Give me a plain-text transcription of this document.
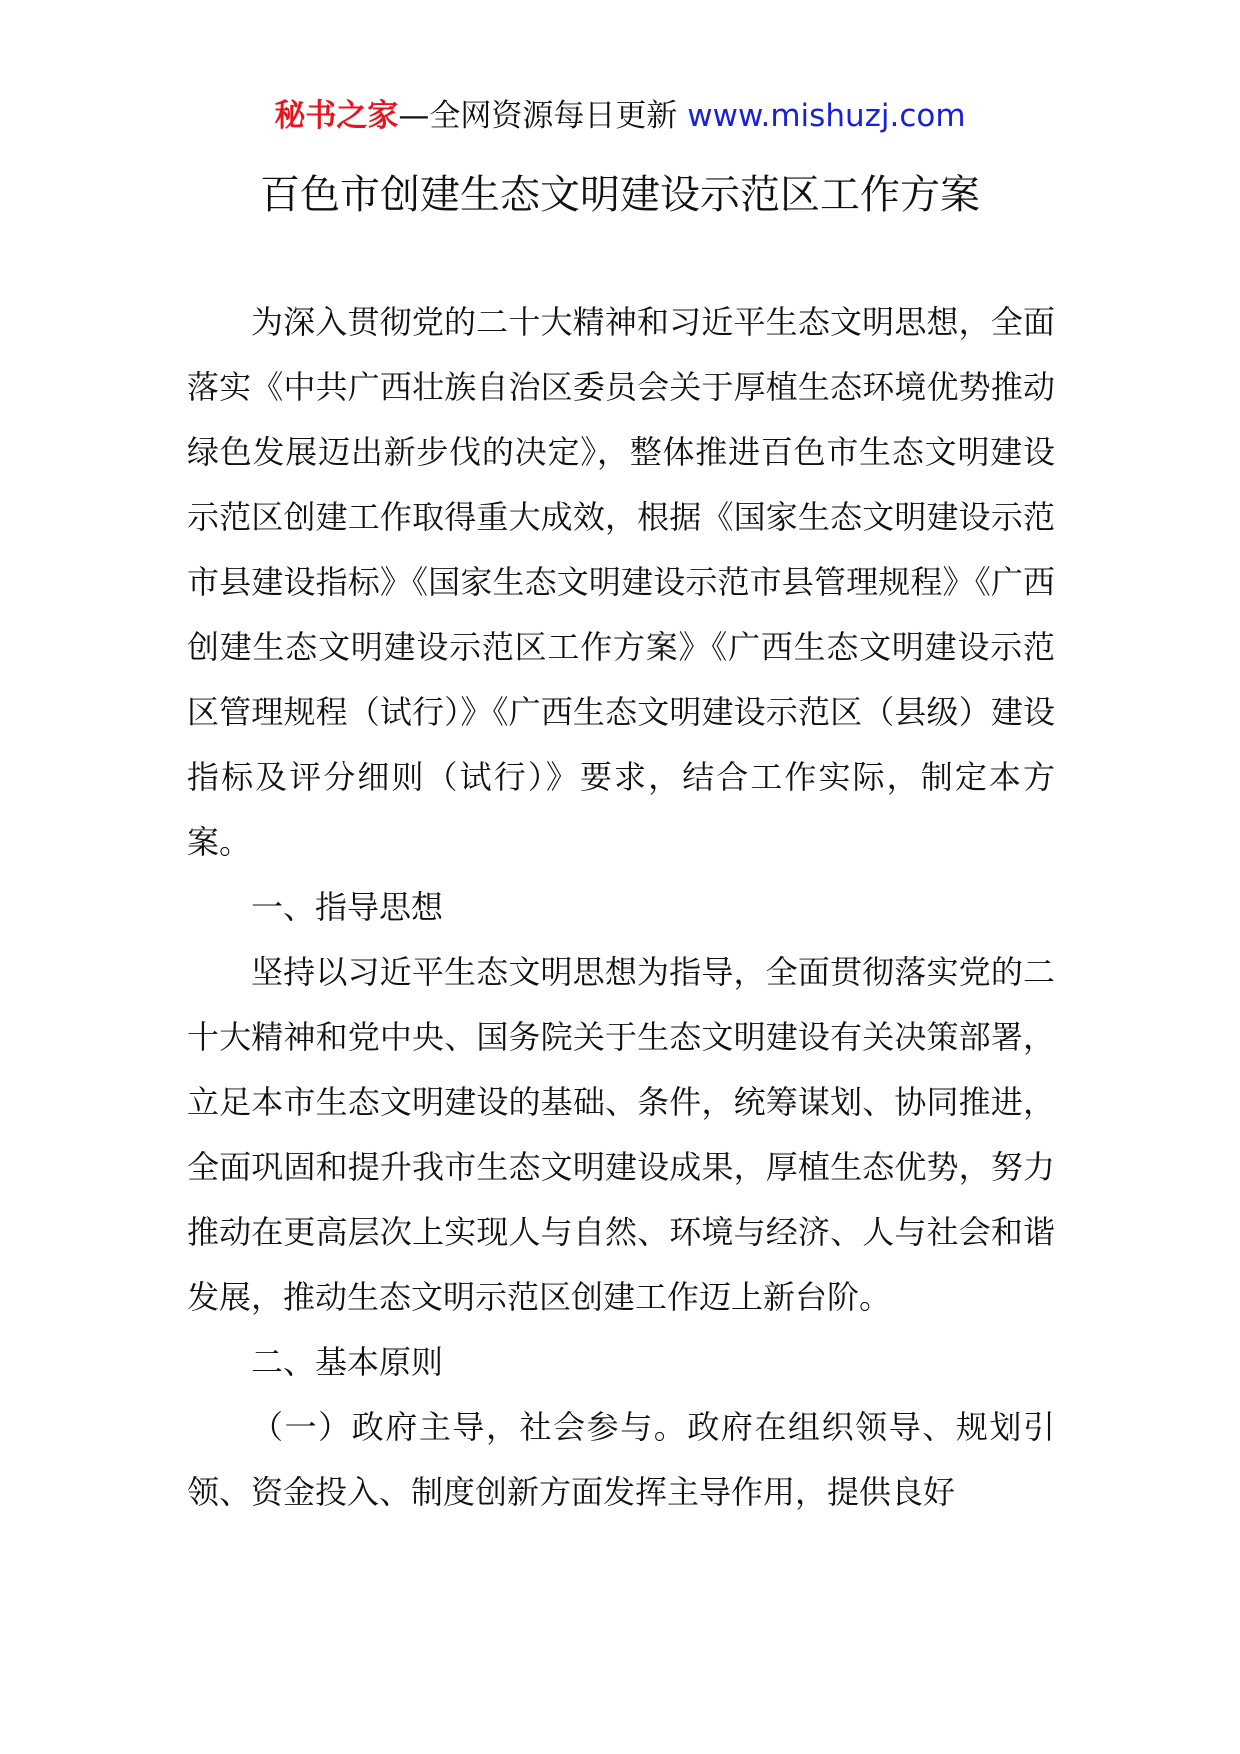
秘书之家—全网资源每日更新 www.mishuzj.com
百色市创建生态文明建设示范区工作方案

为深入贯彻党的二十大精神和习近平生态文明思想，全面落实《中共广西壮族自治区委员会关于厚植生态环境优势推动绿色发展迈出新步伐的决定》，整体推进百色市生态文明建设示范区创建工作取得重大成效，根据《国家生态文明建设示范市县建设指标》《国家生态文明建设示范市县管理规程》《广西创建生态文明建设示范区工作方案》《广西生态文明建设示范区管理规程（试行）》《广西生态文明建设示范区（县级）建设指标及评分细则（试行）》要求，结合工作实际，制定本方案。

一、指导思想

坚持以习近平生态文明思想为指导，全面贯彻落实党的二十大精神和党中央、国务院关于生态文明建设有关决策部署，立足本市生态文明建设的基础、条件，统筹谋划、协同推进，全面巩固和提升我市生态文明建设成果，厚植生态优势，努力推动在更高层次上实现人与自然、环境与经济、人与社会和谐发展，推动生态文明示范区创建工作迈上新台阶。

二、基本原则

（一）政府主导，社会参与。政府在组织领导、规划引领、资金投入、制度创新方面发挥主导作用，提供良好
